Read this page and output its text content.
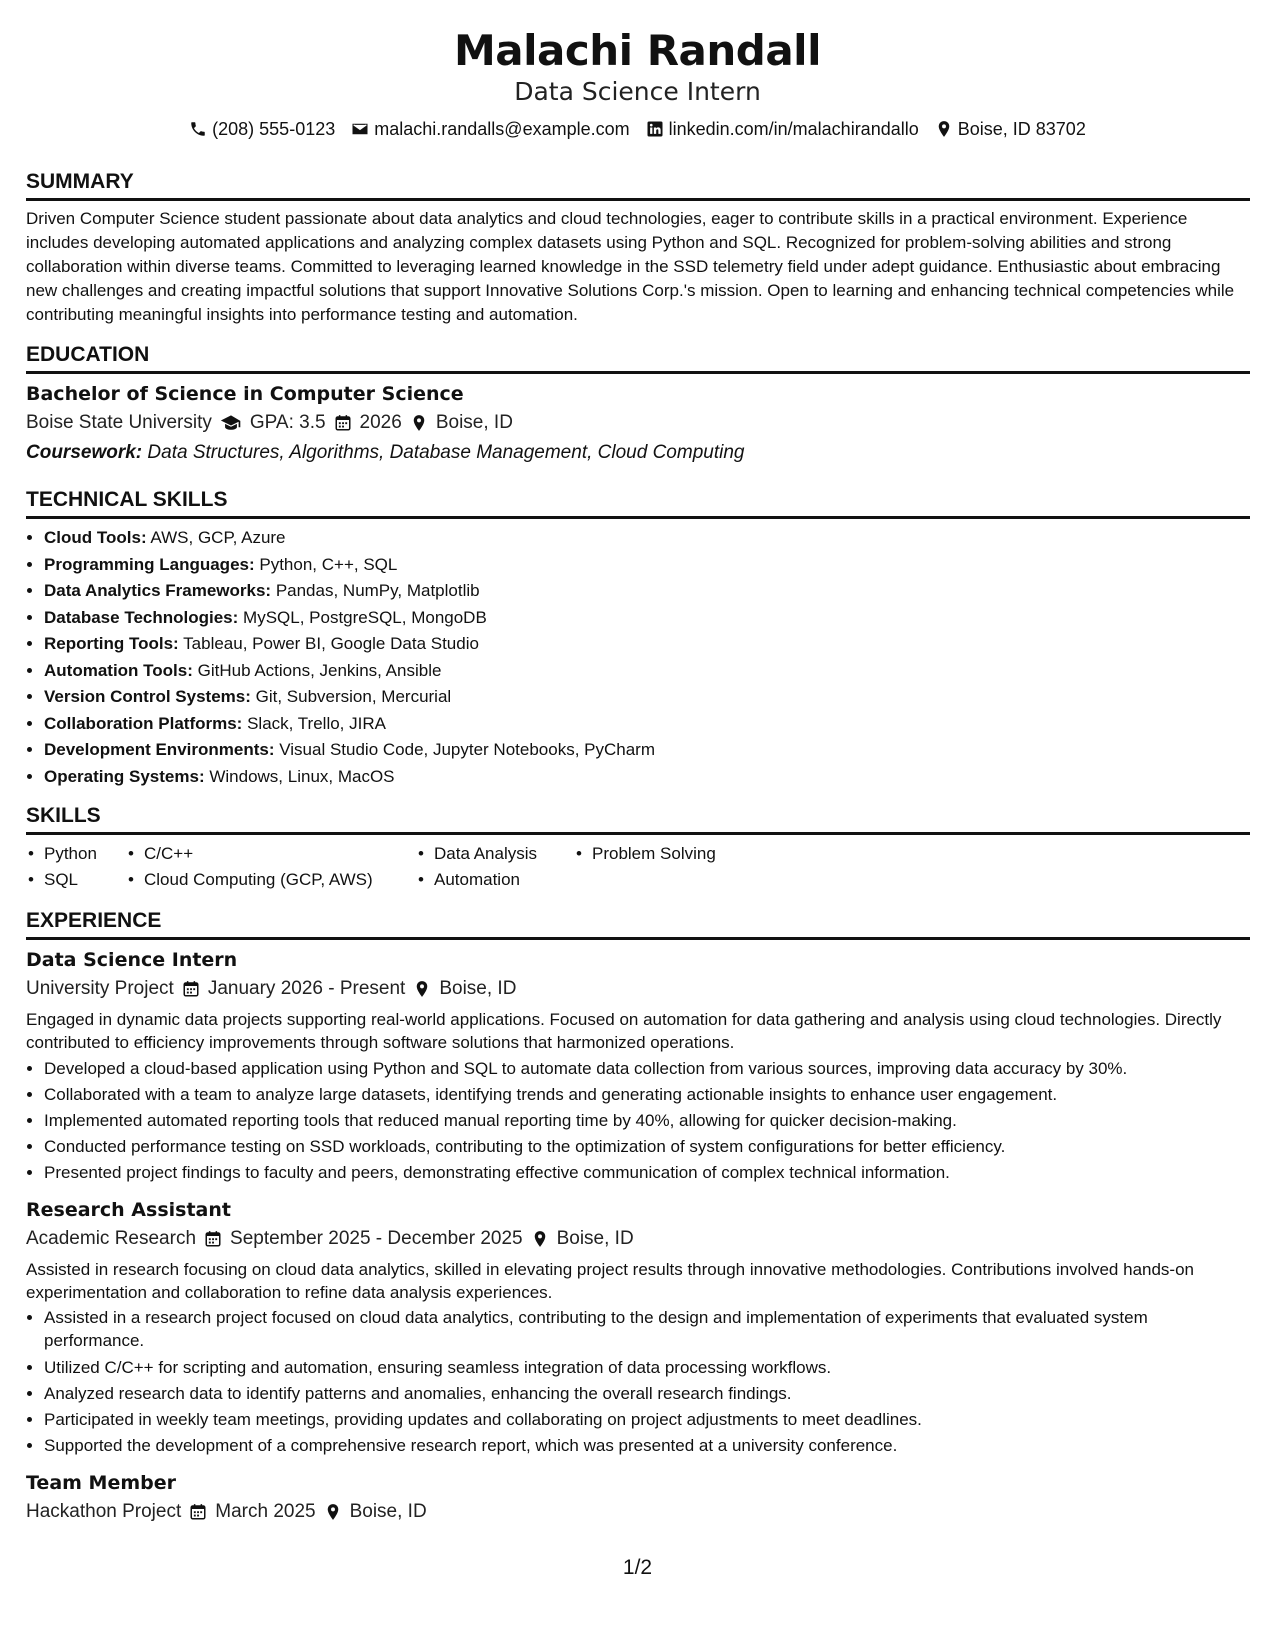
Malachi Randall
Data Science Intern
(208) 555-0123 malachi.randalls@example.com linkedin.com/in/malachirandallo Boise, ID 83702
SUMMARY

Driven Computer Science student passionate about data analytics and cloud technologies, eager to contribute skills in a practical environment. Experience includes developing automated applications and analyzing complex datasets using Python and SQL. Recognized for problem-solving abilities and strong collaboration within diverse teams. Committed to leveraging learned knowledge in the SSD telemetry field under adept guidance. Enthusiastic about embracing new challenges and creating impactful solutions that support Innovative Solutions Corp.'s mission. Open to learning and enhancing technical competencies while contributing meaningful insights into performance testing and automation.

EDUCATION
Bachelor of Science in Computer Science
Boise State University GPA: 3.5 2026 Boise, ID
Coursework: Data Structures, Algorithms, Database Management, Cloud Computing
TECHNICAL SKILLS
• Cloud Tools: AWS, GCP, Azure
• Programming Languages: Python, C++, SQL
• Data Analytics Frameworks: Pandas, NumPy, Matplotlib
• Database Technologies: MySQL, PostgreSQL, MongoDB
• Reporting Tools: Tableau, Power BI, Google Data Studio
• Automation Tools: GitHub Actions, Jenkins, Ansible
• Version Control Systems: Git, Subversion, Mercurial
• Collaboration Platforms: Slack, Trello, JIRA
• Development Environments: Visual Studio Code, Jupyter Notebooks, PyCharm
• Operating Systems: Windows, Linux, MacOS
SKILLS
• Python	• C/C++	• Data Analysis	• Problem Solving
• SQL	• Cloud Computing (GCP, AWS)	• Automation
EXPERIENCE
Data Science Intern
University Project January 2026 - Present Boise, ID

Engaged in dynamic data projects supporting real-world applications. Focused on automation for data gathering and analysis using cloud technologies. Directly contributed to efficiency improvements through software solutions that harmonized operations.

• Developed a cloud-based application using Python and SQL to automate data collection from various sources, improving data accuracy by 30%.
• Collaborated with a team to analyze large datasets, identifying trends and generating actionable insights to enhance user engagement.
• Implemented automated reporting tools that reduced manual reporting time by 40%, allowing for quicker decision-making.
• Conducted performance testing on SSD workloads, contributing to the optimization of system configurations for better efficiency.
• Presented project findings to faculty and peers, demonstrating effective communication of complex technical information.
Research Assistant
Academic Research September 2025 - December 2025 Boise, ID

Assisted in research focusing on cloud data analytics, skilled in elevating project results through innovative methodologies. Contributions involved hands-on experimentation and collaboration to refine data analysis experiences.

• Assisted in a research project focused on cloud data analytics, contributing to the design and implementation of experiments that evaluated system performance.
• Utilized C/C++ for scripting and automation, ensuring seamless integration of data processing workflows.
• Analyzed research data to identify patterns and anomalies, enhancing the overall research findings.
• Participated in weekly team meetings, providing updates and collaborating on project adjustments to meet deadlines.
• Supported the development of a comprehensive research report, which was presented at a university conference.
Team Member
Hackathon Project March 2025 Boise, ID
1/2
